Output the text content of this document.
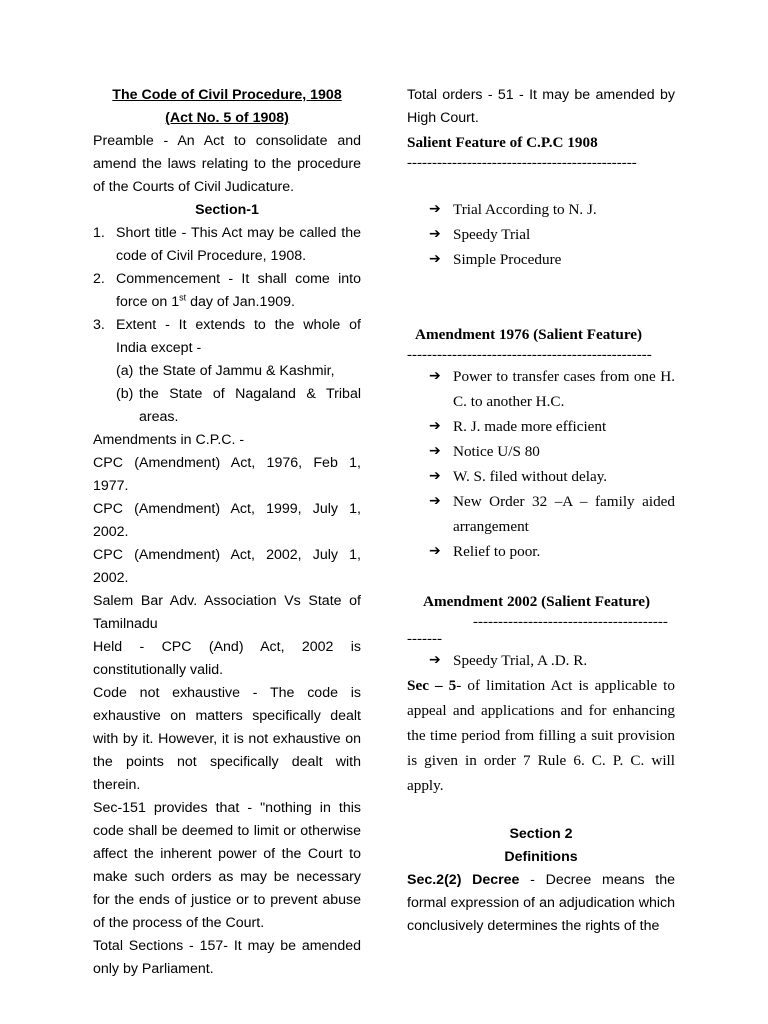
The Code of Civil Procedure, 1908

(Act No. 5 of 1908)

Preamble - An Act to consolidate and amend the laws relating to the procedure of the Courts of Civil Judicature.

Section-1

1. Short title - This Act may be called the code of Civil Procedure, 1908.
2. Commencement - It shall come into force on 1st day of Jan.1909.
3. Extent - It extends to the whole of India except -
(a) the State of Jammu & Kashmir,
(b) the State of Nagaland & Tribal areas.

Amendments in C.P.C. -

CPC (Amendment) Act, 1976, Feb 1, 1977.

CPC (Amendment) Act, 1999, July 1, 2002.

CPC (Amendment) Act, 2002, July 1, 2002.

Salem Bar Adv. Association Vs State of Tamilnadu

Held - CPC (And) Act, 2002 is constitutionally valid.

Code not exhaustive - The code is exhaustive on matters specifically dealt with by it. However, it is not exhaustive on the points not specifically dealt with therein.

Sec-151 provides that - "nothing in this code shall be deemed to limit or otherwise affect the inherent power of the Court to make such orders as may be necessary for the ends of justice or to prevent abuse of the process of the Court.

Total Sections - 157- It may be amended only by Parliament.

Total orders - 51 - It may be amended by High Court.

Salient Feature of C.P.C 1908

----------------------------------------------

➔ Trial According to N. J.
➔ Speedy Trial
➔ Simple Procedure

Amendment 1976 (Salient Feature)

-------------------------------------------------

➔ Power to transfer cases from one H. C. to another H.C.
➔ R. J. made more efficient
➔ Notice U/S 80
➔ W. S. filed without delay.
➔ New Order 32 –A – family aided arrangement
➔ Relief to poor.

Amendment 2002 (Salient Feature)

---------------------------------------

-------

➔ Speedy Trial, A .D. R.

Sec – 5- of limitation Act is applicable to appeal and applications and for enhancing the time period from filling a suit provision is given in order 7 Rule 6. C. P. C. will apply.

Section 2

Definitions

Sec.2(2) Decree - Decree means the formal expression of an adjudication which conclusively determines the rights of the
